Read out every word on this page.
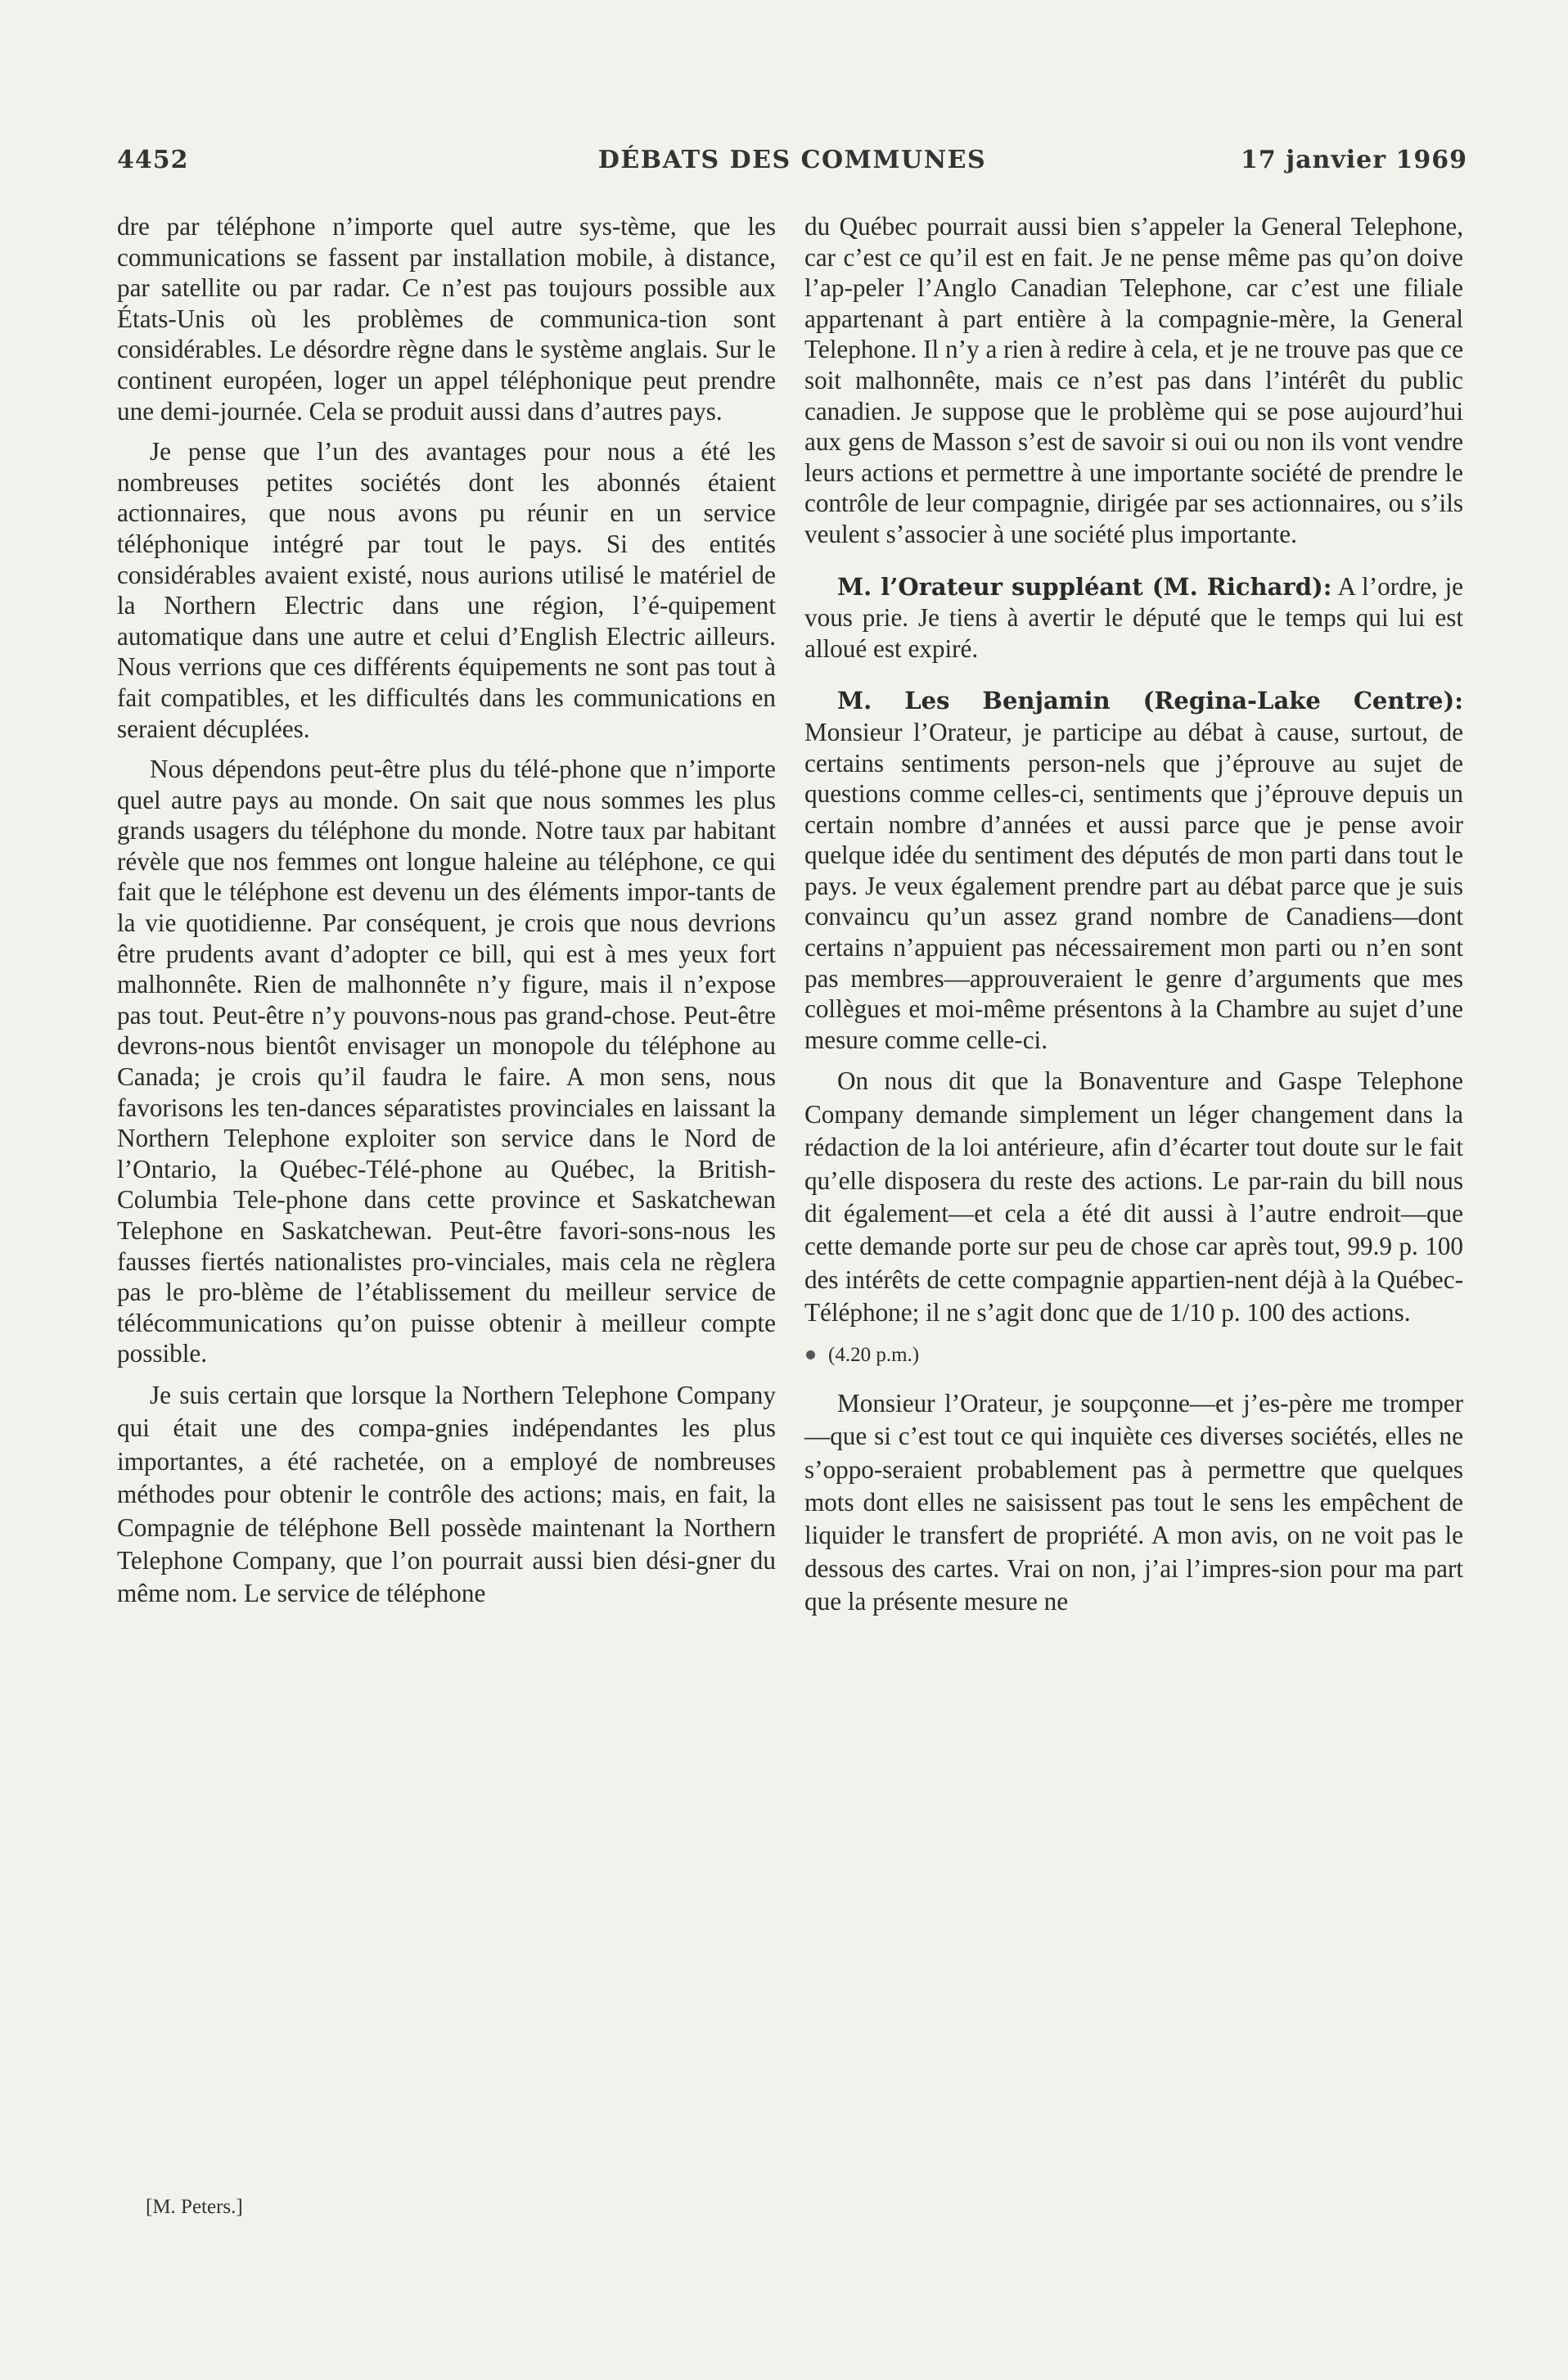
4452	DÉBATS DES COMMUNES	17 janvier 1969

dre par téléphone n’importe quel autre sys-tème, que les communications se fassent par installation mobile, à distance, par satellite ou par radar. Ce n’est pas toujours possible aux États-Unis où les problèmes de communica-tion sont considérables. Le désordre règne dans le système anglais. Sur le continent européen, loger un appel téléphonique peut prendre une demi-journée. Cela se produit aussi dans d’autres pays.

Je pense que l’un des avantages pour nous a été les nombreuses petites sociétés dont les abonnés étaient actionnaires, que nous avons pu réunir en un service téléphonique intégré par tout le pays. Si des entités considérables avaient existé, nous aurions utilisé le matériel de la Northern Electric dans une région, l’é-quipement automatique dans une autre et celui d’English Electric ailleurs. Nous verrions que ces différents équipements ne sont pas tout à fait compatibles, et les difficultés dans les communications en seraient décuplées.

Nous dépendons peut-être plus du télé-phone que n’importe quel autre pays au monde. On sait que nous sommes les plus grands usagers du téléphone du monde. Notre taux par habitant révèle que nos femmes ont longue haleine au téléphone, ce qui fait que le téléphone est devenu un des éléments impor-tants de la vie quotidienne. Par conséquent, je crois que nous devrions être prudents avant d’adopter ce bill, qui est à mes yeux fort malhonnête. Rien de malhonnête n’y figure, mais il n’expose pas tout. Peut-être n’y pouvons-nous pas grand-chose. Peut-être devrons-nous bientôt envisager un monopole du téléphone au Canada; je crois qu’il faudra le faire. A mon sens, nous favorisons les ten-dances séparatistes provinciales en laissant la Northern Telephone exploiter son service dans le Nord de l’Ontario, la Québec-Télé-phone au Québec, la British-Columbia Tele-phone dans cette province et Saskatchewan Telephone en Saskatchewan. Peut-être favori-sons-nous les fausses fiertés nationalistes pro-vinciales, mais cela ne règlera pas le pro-blème de l’établissement du meilleur service de télécommunications qu’on puisse obtenir à meilleur compte possible.

Je suis certain que lorsque la Northern Telephone Company qui était une des compa-gnies indépendantes les plus importantes, a été rachetée, on a employé de nombreuses méthodes pour obtenir le contrôle des actions; mais, en fait, la Compagnie de téléphone Bell possède maintenant la Northern Telephone Company, que l’on pourrait aussi bien dési-gner du même nom. Le service de téléphone

du Québec pourrait aussi bien s’appeler la General Telephone, car c’est ce qu’il est en fait. Je ne pense même pas qu’on doive l’ap-peler l’Anglo Canadian Telephone, car c’est une filiale appartenant à part entière à la compagnie-mère, la General Telephone. Il n’y a rien à redire à cela, et je ne trouve pas que ce soit malhonnête, mais ce n’est pas dans l’intérêt du public canadien. Je suppose que le problème qui se pose aujourd’hui aux gens de Masson s’est de savoir si oui ou non ils vont vendre leurs actions et permettre à une importante société de prendre le contrôle de leur compagnie, dirigée par ses actionnaires, ou s’ils veulent s’associer à une société plus importante.

M. l’Orateur suppléant (M. Richard): A l’ordre, je vous prie. Je tiens à avertir le député que le temps qui lui est alloué est expiré.

M. Les Benjamin (Regina-Lake Centre): Monsieur l’Orateur, je participe au débat à cause, surtout, de certains sentiments person-nels que j’éprouve au sujet de questions comme celles-ci, sentiments que j’éprouve depuis un certain nombre d’années et aussi parce que je pense avoir quelque idée du sentiment des députés de mon parti dans tout le pays. Je veux également prendre part au débat parce que je suis convaincu qu’un assez grand nombre de Canadiens—dont certains n’appuient pas nécessairement mon parti ou n’en sont pas membres—approuveraient le genre d’arguments que mes collègues et moi-même présentons à la Chambre au sujet d’une mesure comme celle-ci.

On nous dit que la Bonaventure and Gaspe Telephone Company demande simplement un léger changement dans la rédaction de la loi antérieure, afin d’écarter tout doute sur le fait qu’elle disposera du reste des actions. Le par-rain du bill nous dit également—et cela a été dit aussi à l’autre endroit—que cette demande porte sur peu de chose car après tout, 99.9 p. 100 des intérêts de cette compagnie appartien-nent déjà à la Québec-Téléphone; il ne s’agit donc que de 1/10 p. 100 des actions.

(4.20 p.m.)

Monsieur l’Orateur, je soupçonne—et j’es-père me tromper—que si c’est tout ce qui inquiète ces diverses sociétés, elles ne s’oppo-seraient probablement pas à permettre que quelques mots dont elles ne saisissent pas tout le sens les empêchent de liquider le transfert de propriété. A mon avis, on ne voit pas le dessous des cartes. Vrai on non, j’ai l’impres-sion pour ma part que la présente mesure ne

[M. Peters.]
